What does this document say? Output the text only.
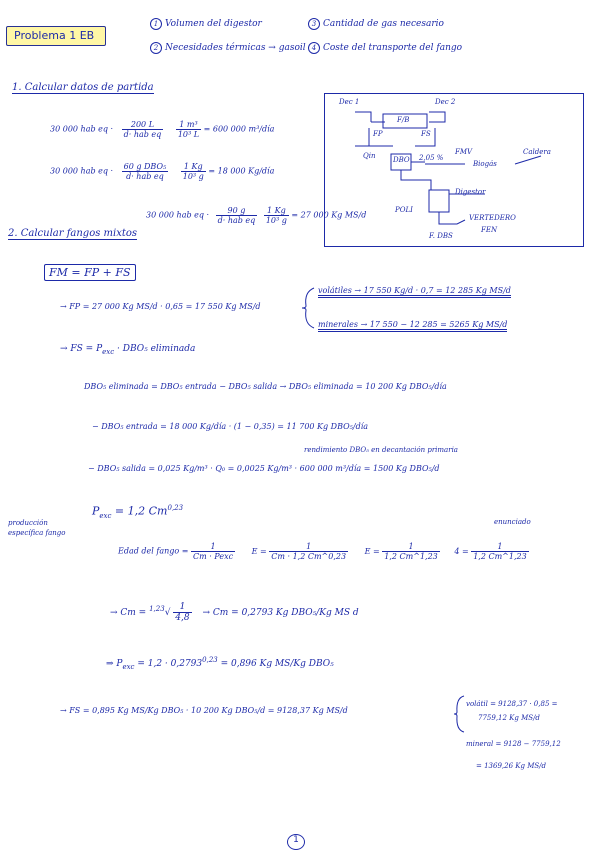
Problema 1 EB
1 Volumen del digestor
2 Necesidades térmicas → gasoil
3 Cantidad de gas necesario
4 Coste del transporte del fango
1. Calcular datos de partida
30 000 hab eq · $\frac{200 L}{\text{d· hab eq}}$
$\frac{\text{1 m³}}{\text{10³ L}} = 600$ 000 m³/día
30 000 hab eq · $\frac{\text{60 g DBO₅}}{\text{d· hab eq}}$
$\frac{1 Kg}{\text{10³ g}} = 18$ 000 Kg/día
30 000 hab eq · $\frac{90 g}{\text{d· hab eq}}$
$\frac{1 Kg}{\text{10³ g}} = 27$ 000 Kg MS/d
Dec 1	Dec 2
F/B
FP	FS
Qin	DBO 2,05 %
FMV
Biogás
Caldera
Digestor
POLI
VERTEDERO
FEN
F. DBS
2. Calcular fangos mixtos
FM = FP + FS
→ FP = 27 000 Kg MS/d · 0,65 = 17 550 Kg MS/d
volátiles → 17 550 Kg/d · 0,7 = 12 285 Kg MS/d
minerales → 17 550 − 12 285 = 5265 Kg MS/d
→ FS = $P_{exc} \cdot DBO_5$ eliminada
DBO₅ eliminada = DBO₅ entrada − DBO₅ salida → DBO₅ eliminada = 10 200 Kg DBO₅/día
− DBO₅ entrada = 18 000 Kg/día · (1 − 0,35) = 11 700 Kg DBO₅/día
rendimiento DBO₅ en decantación primaria
− DBO₅ salida = 0,025 Kg/m³ · Q₀ = 0,0025 Kg/m³ · 600 000 m³/día = 1500 Kg DBO₅/d
producción específica fango
$P_{exc} = 1,2$ Cm$^{0,23}$
Edad del fango = $\frac{1}{\text{Cm · Pexc}}$ $E = \frac{1}{Cm \cdot 1,2 Cm\^{}0,23}$ $E = \frac{1}{1,2 Cm\^{}1,23} 4 = \frac{1}{1,2 Cm\^{}1,23}$
enunciado
→ $Cm = ^{1,23}√ \frac{1}{4,8} \to Cm = 0,2793$ Kg DBO₅/Kg MS d
⇒ $P_{exc} = 1,2 \cdot 0,2793^{0,23} = 0,896$ Kg MS/Kg DBO₅
→ FS = 0,895 Kg MS/Kg DBO₅ · 10 200 Kg DBO₅/d = 9128,37 Kg MS/d
volátil = 9128,37 · 0,85 =
7759,12 Kg MS/d
mineral = 9128 − 7759,12
= 1369,26 Kg MS/d
1
